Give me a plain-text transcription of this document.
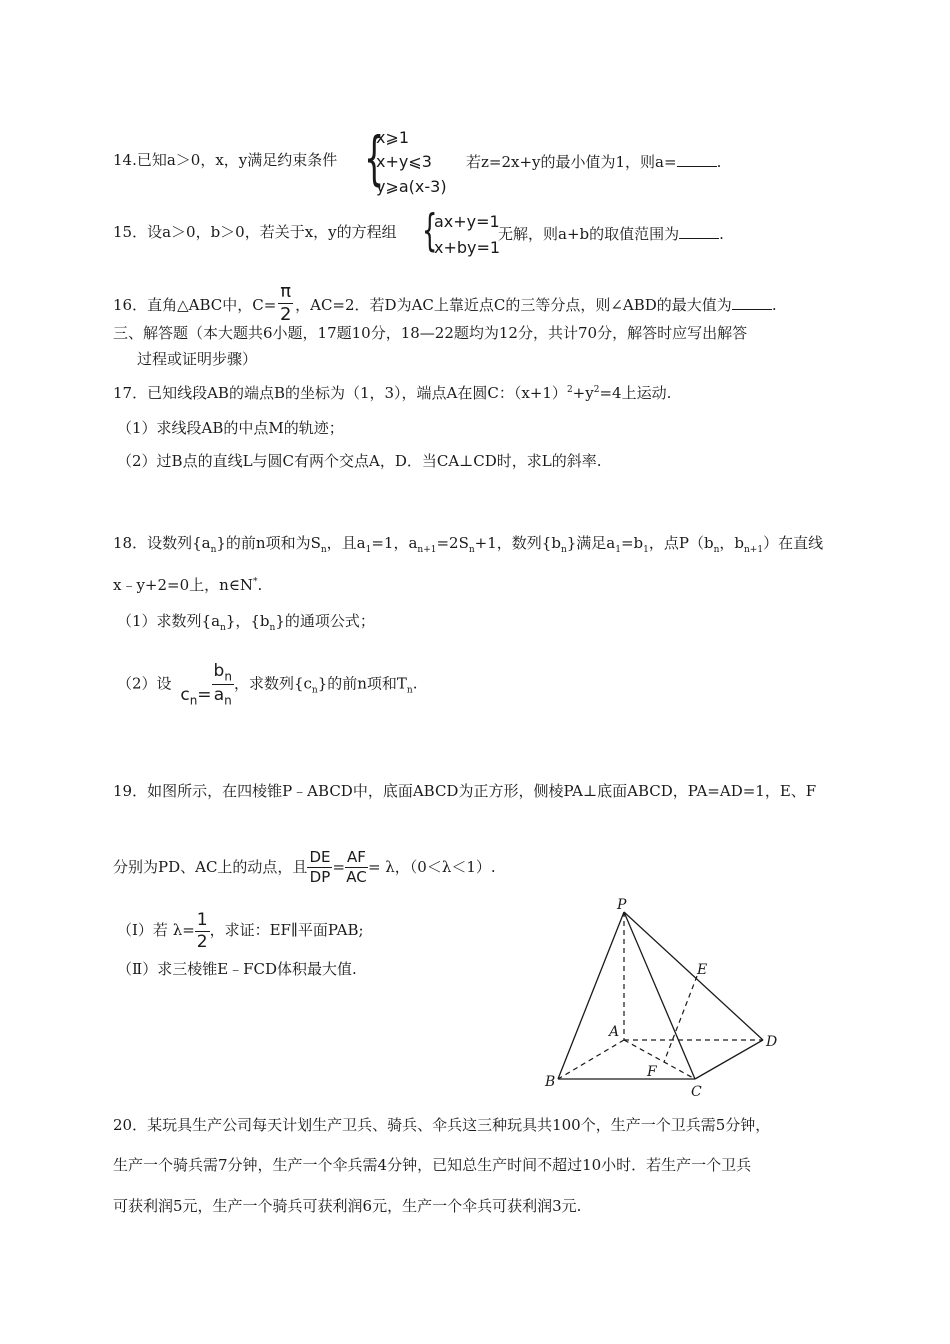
14.已知a＞0，x，y满足约束条件 {
x⩾1
x+y⩽3
y⩾a(x-3)
若z=2x+y的最小值为1，则a=	.
15．设a＞0，b＞0，若关于x，y的方程组 {
ax+y=1
x+by=1
无解，则a+b的取值范围为	.
16．直角△ABC中，$C= \frac{\pi}{2}$ ，AC=2．若D为AC上靠近点C的三等分点，则∠ABD的最大值为	.
三、解答题（本大题共6小题，17题10分，18—22题均为12分，共计70分，解答时应写出解答
过程或证明步骤）
17．已知线段AB的端点B的坐标为（1，3），端点A在圆C：$(x+1)^2+y^2=4$上运动.
（1）求线段AB的中点M的轨迹；
（2）过B点的直线L与圆C有两个交点A，D．当CA⊥CD时，求L的斜率.
18．设数列$\{a_n\}$的前n项和为$S_n$，且$a_1=1$，$a_{n+1}=2S_n+1$，数列$\{b_n\}$满足$a_1=b_1$，点$P(b_n$，$b_{n+1}$）在直线
x﹣y+2=0上，n∈N*.
（1）求数列$\{a_n\}$，$\{b_n\}$的通项公式；
（2）设 $c_n= \frac{b_n}{a_n}$ ，求数列$\{c_n\}$的前n项和$T_n$.
19．如图所示，在四棱锥P﹣ABCD中，底面ABCD为正方形，侧棱PA⊥底面ABCD，PA=AD=1，E、F
分别为PD、AC上的动点，且 $\frac{DE}{DP} = \frac{AF}{AC} = \lambda$，（0＜λ＜1）.
（Ⅰ）若 $\lambda= \frac{1}{2}$ ，求证：EF∥平面PAB;
（Ⅱ）求三棱锥E﹣FCD体积最大值.
P
A
B
C
D
E
F
20．某玩具生产公司每天计划生产卫兵、骑兵、伞兵这三种玩具共100个，生产一个卫兵需5分钟，
生产一个骑兵需7分钟，生产一个伞兵需4分钟，已知总生产时间不超过10小时．若生产一个卫兵
可获利润5元，生产一个骑兵可获利润6元，生产一个伞兵可获利润3元.
